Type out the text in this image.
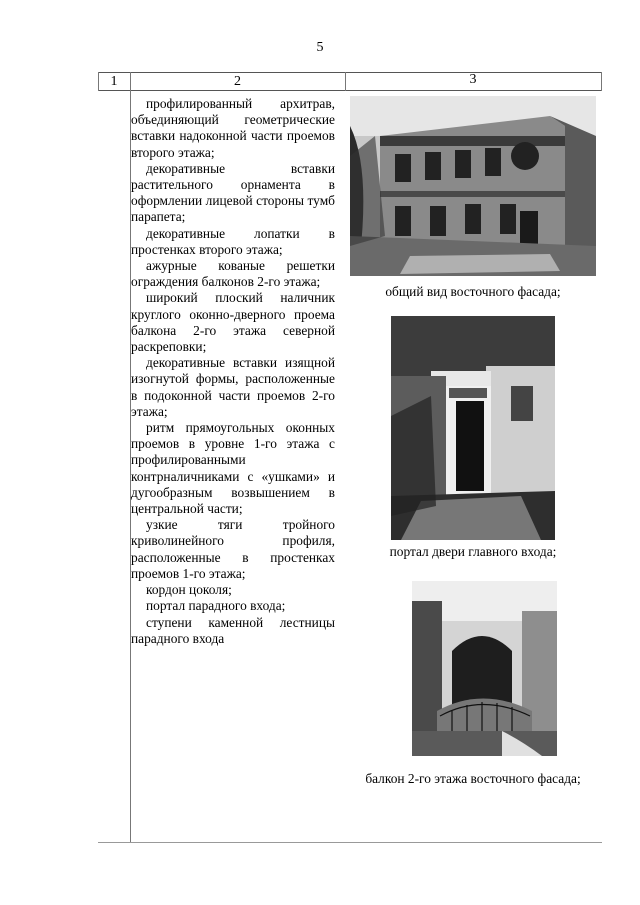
5
1	2	3

профилированный архитрав, объединяющий геометрические вставки надоконной части проемов второго этажа;

декоративные вставки растительного орнамента в оформлении лицевой стороны тумб парапета;

декоративные лопатки в простенках второго этажа;

ажурные кованые решетки ограждения балконов 2-го этажа;

широкий плоский наличник круглого оконно-дверного проема балкона 2-го этажа северной раскреповки;

декоративные вставки изящной изогнутой формы, расположенные в подоконной части проемов 2-го этажа;

ритм прямоугольных оконных проемов в уровне 1-го этажа с профилированными контрналичниками с «ушками» и дугообразным возвышением в центральной части;

узкие тяги тройного криволинейного профиля, расположенные в простенках проемов 1-го этажа;

кордон цоколя;

портал парадного входа;

ступени каменной лестницы парадного входа

общий вид восточного фасада;
портал двери главного входа;
балкон 2-го этажа восточного фасада;
